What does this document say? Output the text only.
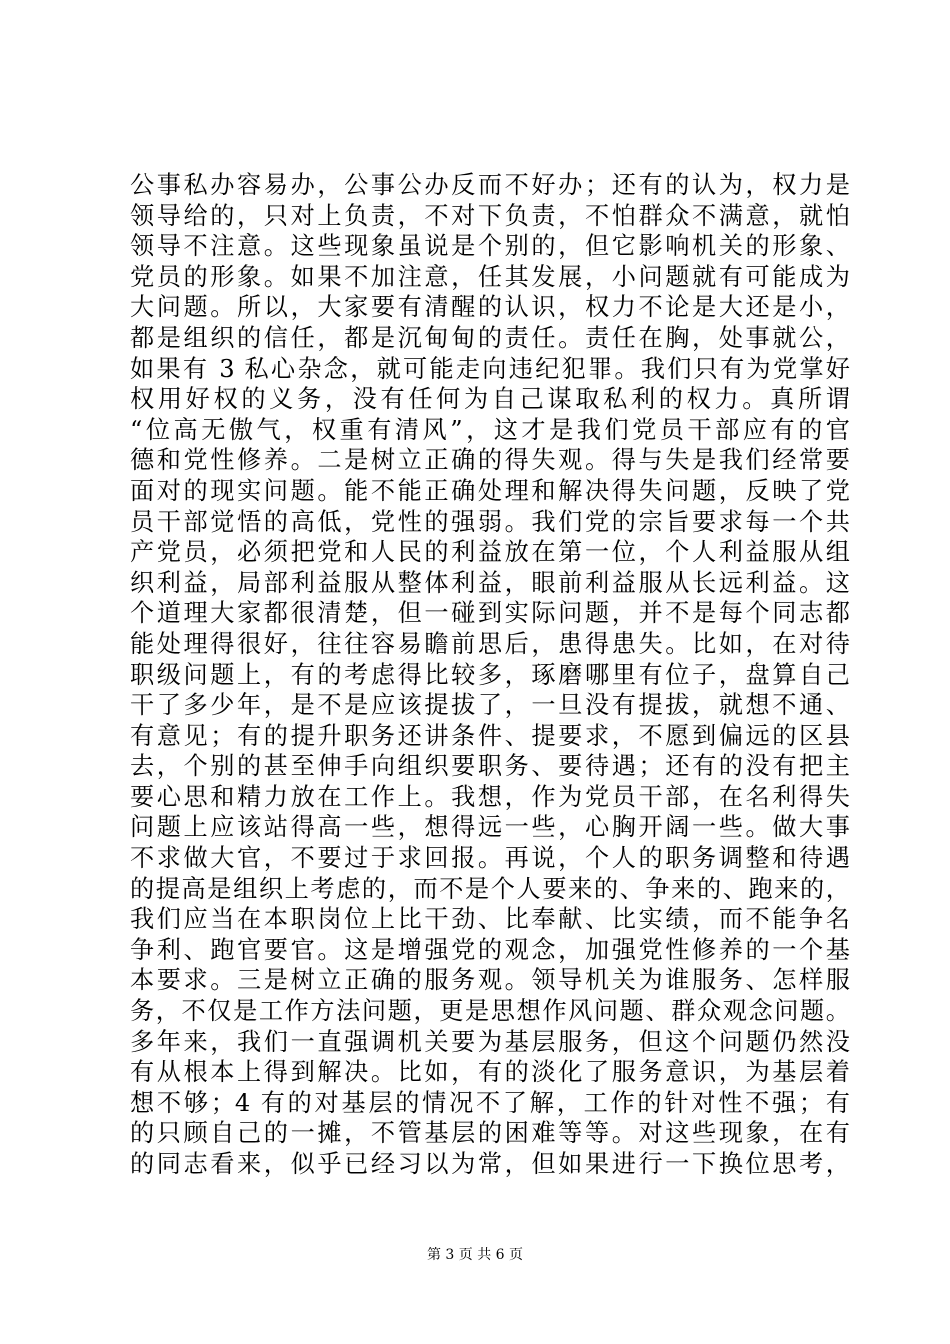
公事私办容易办，公事公办反而不好办；还有的认为，权力是
领导给的，只对上负责，不对下负责，不怕群众不满意，就怕
领导不注意。这些现象虽说是个别的，但它影响机关的形象、
党员的形象。如果不加注意，任其发展，小问题就有可能成为
大问题。所以，大家要有清醒的认识，权力不论是大还是小，
都是组织的信任，都是沉甸甸的责任。责任在胸，处事就公，
如果有 3 私心杂念，就可能走向违纪犯罪。我们只有为党掌好
权用好权的义务，没有任何为自己谋取私利的权力。真所谓
“位高无傲气，权重有清风”，这才是我们党员干部应有的官
德和党性修养。二是树立正确的得失观。得与失是我们经常要
面对的现实问题。能不能正确处理和解决得失问题，反映了党
员干部觉悟的高低，党性的强弱。我们党的宗旨要求每一个共
产党员，必须把党和人民的利益放在第一位，个人利益服从组
织利益，局部利益服从整体利益，眼前利益服从长远利益。这
个道理大家都很清楚，但一碰到实际问题，并不是每个同志都
能处理得很好，往往容易瞻前思后，患得患失。比如，在对待
职级问题上，有的考虑得比较多，琢磨哪里有位子，盘算自己
干了多少年，是不是应该提拔了，一旦没有提拔，就想不通、
有意见；有的提升职务还讲条件、提要求，不愿到偏远的区县
去，个别的甚至伸手向组织要职务、要待遇；还有的没有把主
要心思和精力放在工作上。我想，作为党员干部，在名利得失
问题上应该站得高一些，想得远一些，心胸开阔一些。做大事
不求做大官，不要过于求回报。再说，个人的职务调整和待遇
的提高是组织上考虑的，而不是个人要来的、争来的、跑来的，
我们应当在本职岗位上比干劲、比奉献、比实绩，而不能争名
争利、跑官要官。这是增强党的观念，加强党性修养的一个基
本要求。三是树立正确的服务观。领导机关为谁服务、怎样服
务，不仅是工作方法问题，更是思想作风问题、群众观念问题。
多年来，我们一直强调机关要为基层服务，但这个问题仍然没
有从根本上得到解决。比如，有的淡化了服务意识，为基层着
想不够；4 有的对基层的情况不了解，工作的针对性不强；有
的只顾自己的一摊，不管基层的困难等等。对这些现象，在有
的同志看来，似乎已经习以为常，但如果进行一下换位思考，
第 3 页 共 6 页
